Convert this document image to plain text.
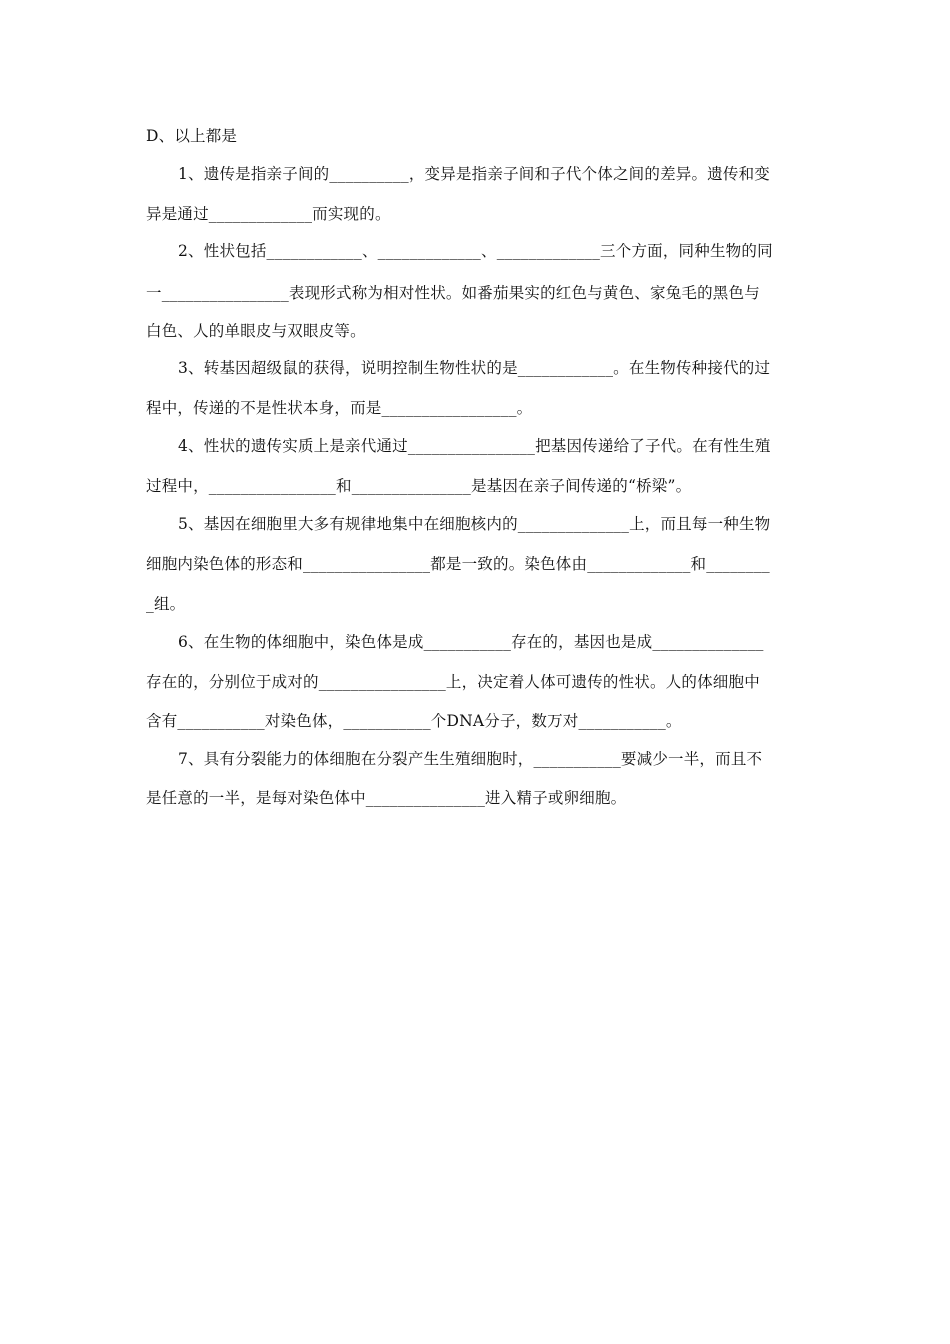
D、以上都是
1、遗传是指亲子间的__________，变异是指亲子间和子代个体之间的差异。遗传和变
异是通过_____________而实现的。
2、性状包括____________、_____________、_____________三个方面，同种生物的同
一________________表现形式称为相对性状。如番茄果实的红色与黄色、家兔毛的黑色与
白色、人的单眼皮与双眼皮等。
3、转基因超级鼠的获得，说明控制生物性状的是____________。在生物传种接代的过
程中，传递的不是性状本身，而是_________________。
4、性状的遗传实质上是亲代通过________________把基因传递给了子代。在有性生殖
过程中，________________和_______________是基因在亲子间传递的“桥梁”。
5、基因在细胞里大多有规律地集中在细胞核内的______________上，而且每一种生物
细胞内染色体的形态和________________都是一致的。染色体由_____________和________
_组。
6、在生物的体细胞中，染色体是成___________存在的，基因也是成______________
存在的，分别位于成对的________________上，决定着人体可遗传的性状。人的体细胞中
含有___________对染色体，___________个DNA分子，数万对___________。
7、具有分裂能力的体细胞在分裂产生生殖细胞时，___________要减少一半，而且不
是任意的一半，是每对染色体中_______________进入精子或卵细胞。
